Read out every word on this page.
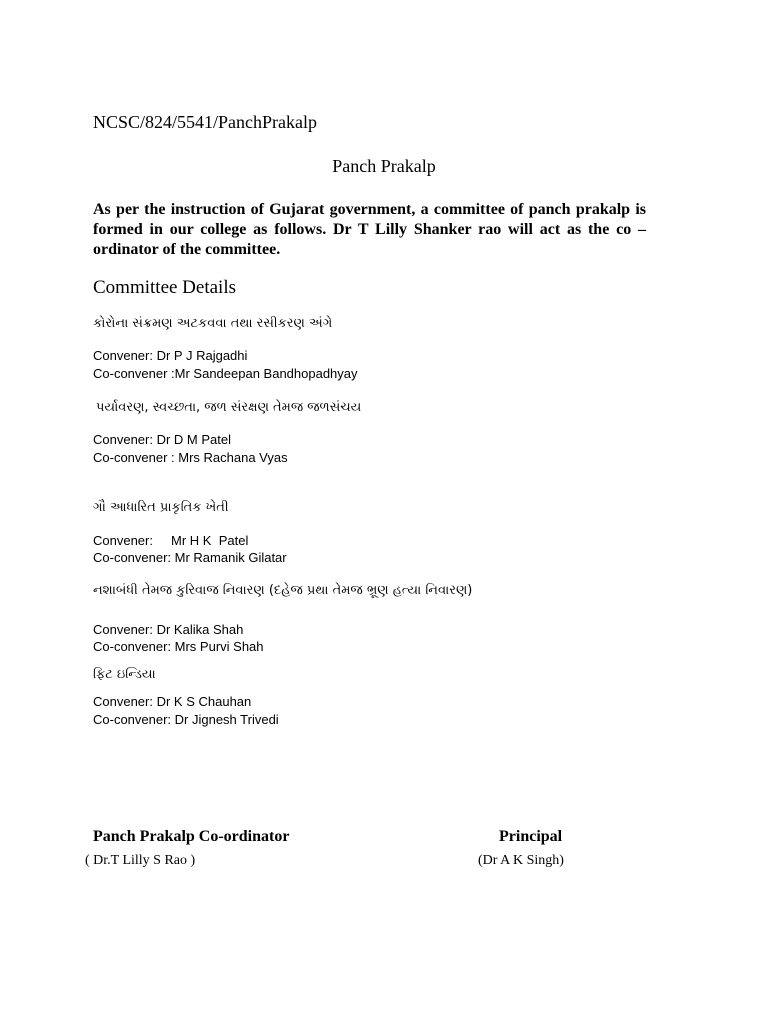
NCSC/824/5541/PanchPrakalp
Panch Prakalp
As per the instruction of Gujarat government, a committee of panch prakalp is
formed in our college as follows. Dr T Lilly Shanker rao will act as the co –
ordinator of the committee.
Committee Details
કોરોના સંક્રમણ અટકવવા તથા રસીકરણ અંગે
Convener: Dr P J Rajgadhi
Co-convener :Mr Sandeepan Bandhopadhyay
પર્યાવરણ, સ્વચ્છતા, જળ સંરક્ષણ તેમજ જળસંચય
Convener: Dr D M Patel
Co-convener : Mrs Rachana Vyas
ગૌ આધારિત પ્રાકૃતિક ખેતી
Convener:     Mr H K  Patel
Co-convener: Mr Ramanik Gilatar
નશાબંધી તેમજ કુરિવાજ નિવારણ (દહેજ પ્રથા તેમજ ભ્રૂણ હત્યા નિવારણ)
Convener: Dr Kalika Shah
Co-convener: Mrs Purvi Shah
ફિટ ઇન્ડિયા
Convener: Dr K S Chauhan
Co-convener: Dr Jignesh Trivedi
Panch Prakalp Co-ordinator
( Dr.T Lilly S Rao )
Principal
(Dr A K Singh)
